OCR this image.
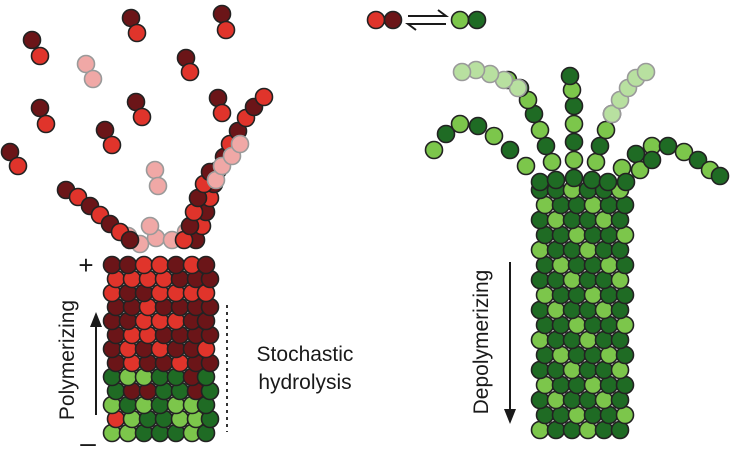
+
–
Polymerizing	Stochastic
hydrolysis	Depolymerizing
